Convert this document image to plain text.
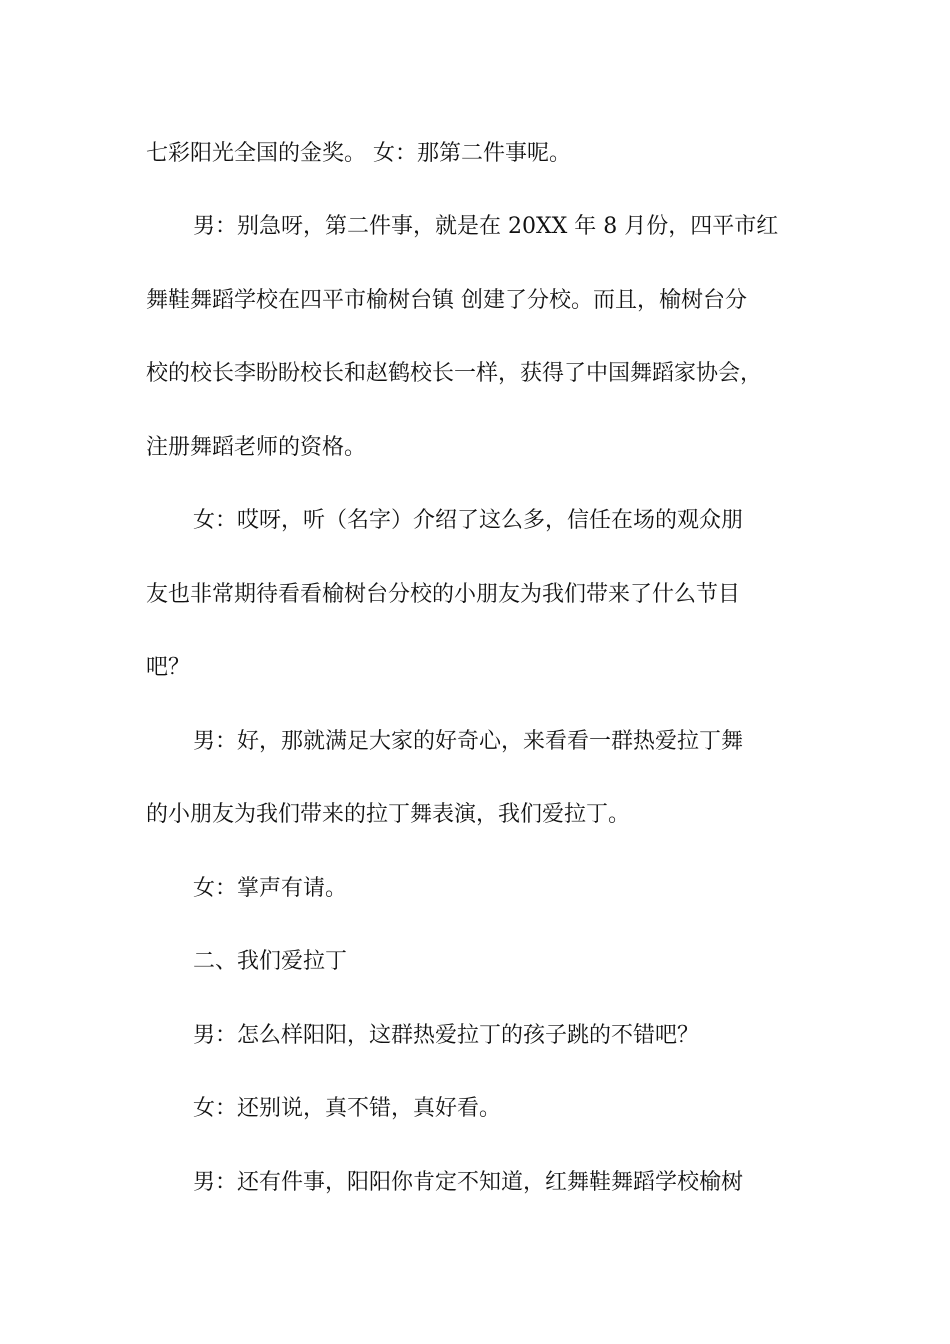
七彩阳光全国的金奖。 女：那第二件事呢。

男：别急呀，第二件事，就是在 20XX 年 8 月份，四平市红

舞鞋舞蹈学校在四平市榆树台镇 创建了分校。而且，榆树台分

校的校长李盼盼校长和赵鹤校长一样，获得了中国舞蹈家协会，

注册舞蹈老师的资格。

女：哎呀，听（名字）介绍了这么多，信任在场的观众朋

友也非常期待看看榆树台分校的小朋友为我们带来了什么节目

吧？

男：好，那就满足大家的好奇心，来看看一群热爱拉丁舞

的小朋友为我们带来的拉丁舞表演，我们爱拉丁。

女：掌声有请。

二、我们爱拉丁

男：怎么样阳阳，这群热爱拉丁的孩子跳的不错吧？

女：还别说，真不错，真好看。

男：还有件事，阳阳你肯定不知道，红舞鞋舞蹈学校榆树
